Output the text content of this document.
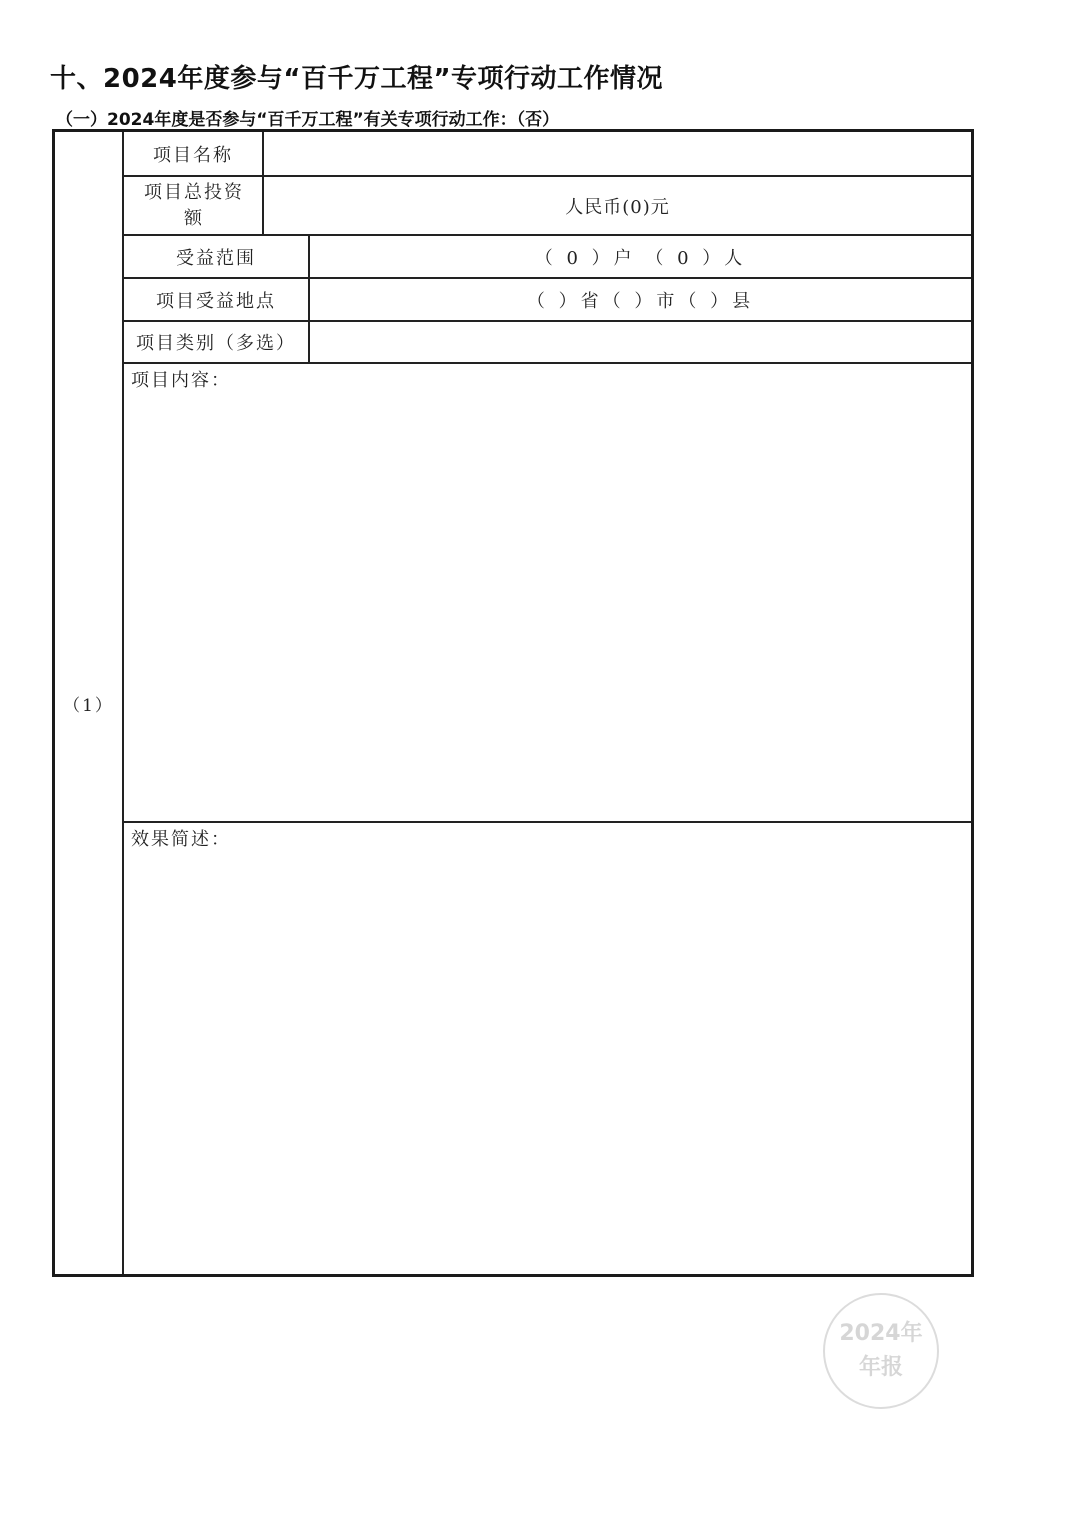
十、2024年度参与“百千万工程”专项行动工作情况
（一）2024年度是否参与“百千万工程”有关专项行动工作：（否）
（1）
项目名称
项目总投资额
人民币(0)元
受益范围	（ 0 ）户 （ 0 ）人
项目受益地点	（ ）省（ ）市（ ）县
项目类别（多选）
项目内容：
效果简述：
2024年
年报
